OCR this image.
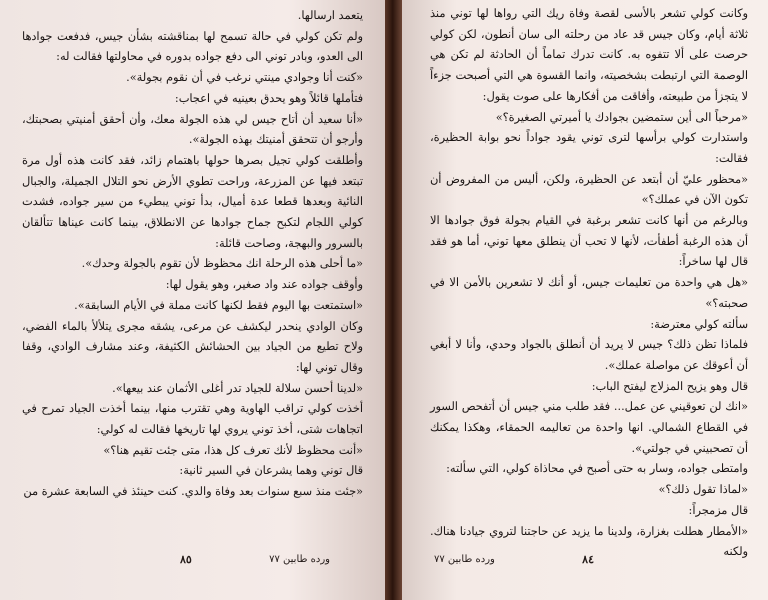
يتعمد ارسالها.
ولم تكن كولي في حالة تسمح لها بمناقشته بشأن جيس، فدفعت جوادها الى العدو، وبادر توني الى دفع جواده بدوره في محاولتها فقالت له:
«كنت أنا وجوادي مينتي نرغب في أن نقوم بجولة».
فتأملها قائلاً وهو يحدق بعينيه في اعجاب:
«أنا سعيد أن أتاح جيس لي هذه الجولة معك، وأن أحقق أمنيتي بصحبتك، وأرجو أن تتحقق أمنيتك بهذه الجولة».
وأطلقت كولي تجيل بصرها حولها باهتمام زائد، فقد كانت هذه أول مرة تبتعد فيها عن المزرعة، وراحت تطوي الأرض نحو التلال الجميلة، والجبال النائية وبعدها قطعا عدة أميال، بدأ توني يبطيء من سير جواده، فشدت كولي اللجام لتكبح جماح جوادها عن الانطلاق، بينما كانت عيناها تتألقان بالسرور والبهجة، وصاحت قائلة:
«ما أحلى هذه الرحلة انك محظوظ لأن تقوم بالجولة وحدك».
وأوقف جواده عند واد صغير، وهو يقول لها:
«استمتعت بها اليوم فقط لكنها كانت مملة في الأيام السابقة».
وكان الوادي ينحدر ليكشف عن مرعى، يشقه مجرى يتلألأ بالماء الفضي، ولاح تطيع من الجياد بين الحشائش الكثيفة، وعند مشارف الوادي، وقفا وقال توني لها:
«لدينا أحسن سلالة للجياد تدر أغلى الأثمان عند بيعها».
أخذت كولي تراقب الهاوية وهي تقترب منها، بينما أخذت الجياد تمرح في اتجاهات شتى، أخذ توني يروي لها تاريخها فقالت له كولي:
«أنت محظوظ لأنك تعرف كل هذا، متى جئت تقيم هنا؟»
قال توني وهما يشرعان في السير ثانية:
«جئت منذ سبع سنوات بعد وفاة والدي. كنت حينئذ في السابعة عشرة من

ورده طابين ٧٧
٨٥

وكانت كولي تشعر بالأسى لقصة وفاة ريك التي رواها لها توني منذ ثلاثة أيام، وكان جيس قد عاد من رحلته الى سان أنطون، لكن كولي حرصت على ألا تتفوه به. كانت تدرك تماماً أن الحادثة لم تكن هي الوصمة التي ارتبطت بشخصيته، وانما القسوة هي التي أصبحت جزءاً لا يتجزأ من طبيعته، وأفاقت من أفكارها على صوت يقول:
«مرحباً الى أين ستمضين بجوادك يا أميرتي الصغيرة؟»
واستدارت كولي برأسها لترى توني يقود جواداً نحو بوابة الحظيرة، فقالت:
«محظور عليّ أن أبتعد عن الحظيرة، ولكن، أليس من المفروض أن تكون الآن في عملك؟»
وبالرغم من أنها كانت تشعر برغبة في القيام بجولة فوق جوادها الا أن هذه الرغبة أطفأت، لأنها لا تحب أن ينطلق معها توني، أما هو فقد قال لها ساخراً:
«هل هي واحدة من تعليمات جيس، أو أنك لا تشعرين بالأمن الا في صحبته؟»
سألته كولي معترضة:
فلماذا تظن ذلك؟ جيس لا يريد أن أنطلق بالجواد وحدي، وأنا لا أبغي أن أعوقك عن مواصلة عملك».
قال وهو يزيح المزلاج ليفتح الباب:
«انك لن تعوقيني عن عمل... فقد طلب مني جيس أن أتفحص السور في القطاع الشمالي. انها واحدة من تعاليمه الحمقاء، وهكذا يمكنك أن تصحبيني في جولتي».
وامتطى جواده، وسار به حتى أصبح في محاذاة كولي، التي سألته:
«لماذا تقول ذلك؟»
قال مزمجراً:
«الأمطار هطلت بغزارة، ولدينا ما يزيد عن حاجتنا لتروي جيادنا هناك. ولكنه

٨٤
ورده طابين ٧٧
